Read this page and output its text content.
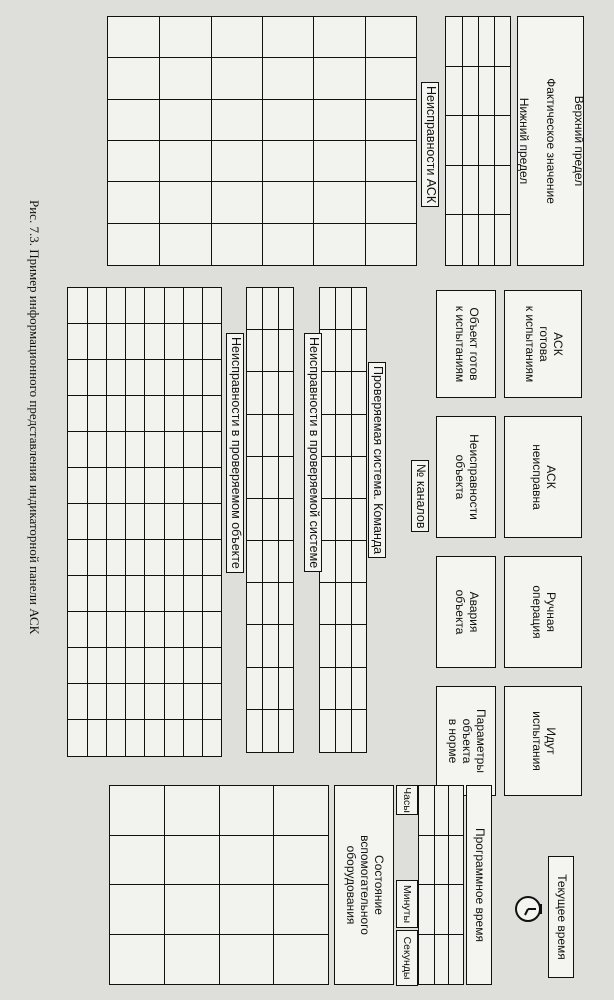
Верхний предел

Фактическое значение

Нижний предел

АСК
готова
к испытаниям
АСК
неисправна
Ручная
операция
Идут
испытания
Объект готов
к испытаниям
Неисправности
объекта
Авария
объекта
Параметры
объекта
в норме
Текущее время
Программное время
Часы
Минуты
Секунды
Состояние
вспомогательного
оборудования
Неисправности АСК
№ каналов
Проверяемая система. Команда
Неисправности в проверяемой системе
Неисправности в проверяемом объекте
Рис. 7.3. Пример информационного представления индикаторной панели АСК
